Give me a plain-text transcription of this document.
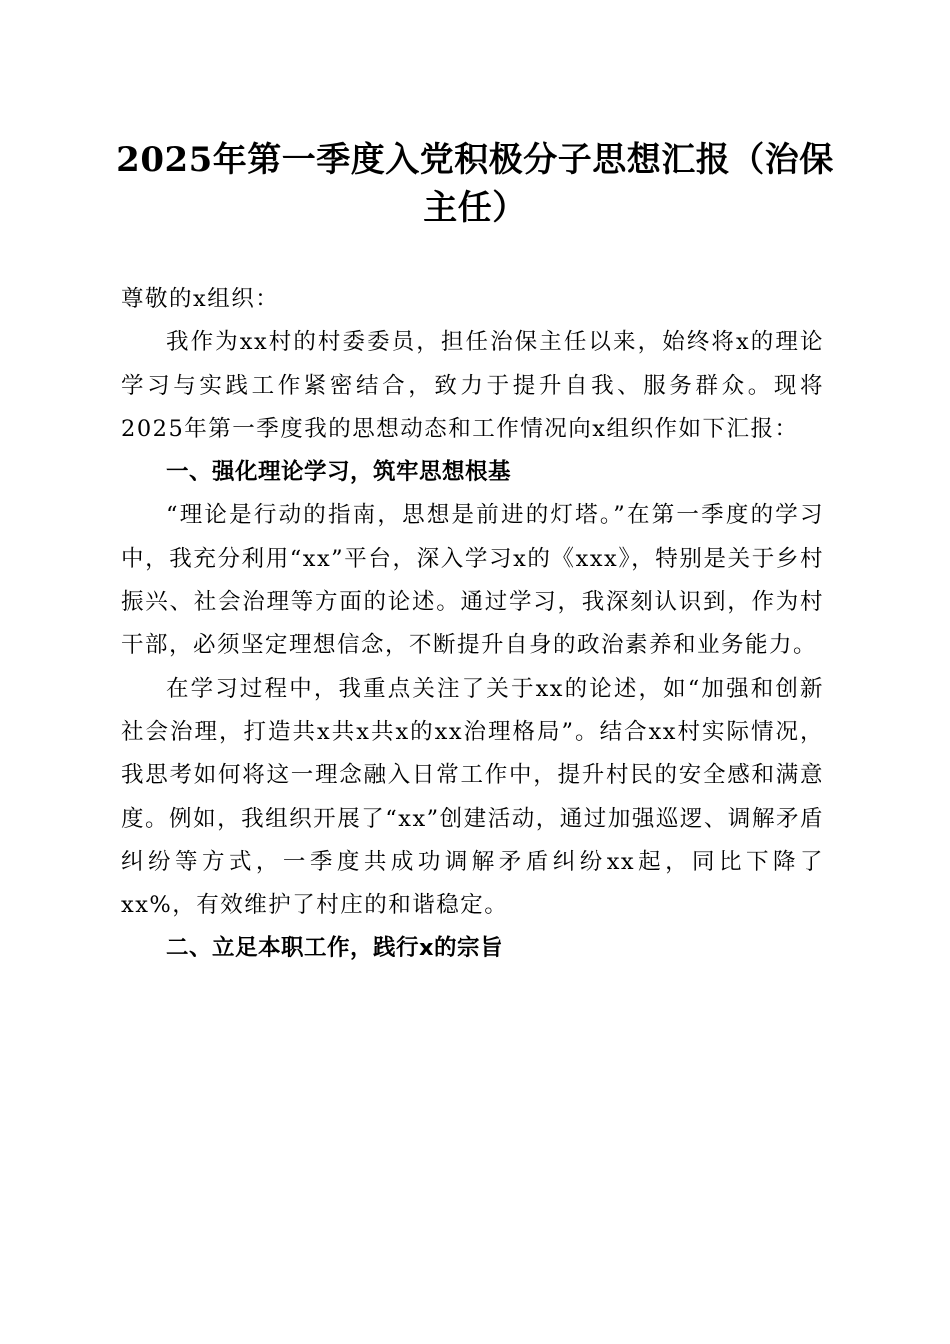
2025年第一季度入党积极分子思想汇报（治保主任）

尊敬的x组织：

我作为xx村的村委委员，担任治保主任以来，始终将x的理论学习与实践工作紧密结合，致力于提升自我、服务群众。现将2025年第一季度我的思想动态和工作情况向x组织作如下汇报：

一、强化理论学习，筑牢思想根基

“理论是行动的指南，思想是前进的灯塔。”在第一季度的学习中，我充分利用“xx”平台，深入学习x的《xxx》，特别是关于乡村振兴、社会治理等方面的论述。通过学习，我深刻认识到，作为村干部，必须坚定理想信念，不断提升自身的政治素养和业务能力。

在学习过程中，我重点关注了关于xx的论述，如“加强和创新社会治理，打造共x共x共x的xx治理格局”。结合xx村实际情况，我思考如何将这一理念融入日常工作中，提升村民的安全感和满意度。例如，我组织开展了“xx”创建活动，通过加强巡逻、调解矛盾纠纷等方式，一季度共成功调解矛盾纠纷xx起，同比下降了xx%，有效维护了村庄的和谐稳定。

二、立足本职工作，践行x的宗旨
